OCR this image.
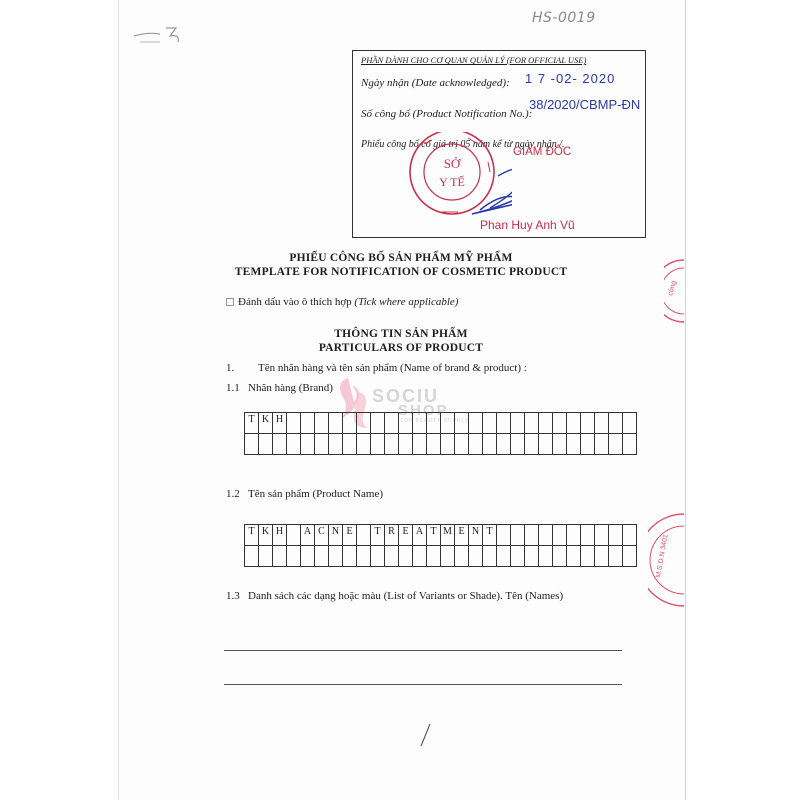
HS-0019
PHẦN DÀNH CHO CƠ QUAN QUẢN LÝ (FOR OFFICIAL USE)
Ngày nhận (Date acknowledged): 1 7 -02- 2020
Số công bố (Product Notification No.):
38/2020/CBMP-ĐN
Phiếu công bố có giá trị 05 năm kể từ ngày nhận /.
SỞ
Y TẾ
GIÁM ĐỐC
Phan Huy Anh Vũ
PHIẾU CÔNG BỐ SẢN PHẨM MỸ PHẨM
TEMPLATE FOR NOTIFICATION OF COSMETIC PRODUCT
Đánh dấu vào ô thích hợp (Tick where applicable)
THÔNG TIN SẢN PHẨM
PARTICULARS OF PRODUCT
1. Tên nhãn hàng và tên sản phẩm (Name of brand & product) :
1.1 Nhãn hàng (Brand) SOCIU
SHOP
TOP BEAUTY SUPPLY
T	K	H																									

1.2 Tên sản phẩm (Product Name)
T	K	H		A	C	N	E		T	R	E	A	T	M	E	N	T										

1.3 Danh sách các dạng hoặc màu (List of Variants or Shade). Tên (Names)
công
M.S.D.N 3401
